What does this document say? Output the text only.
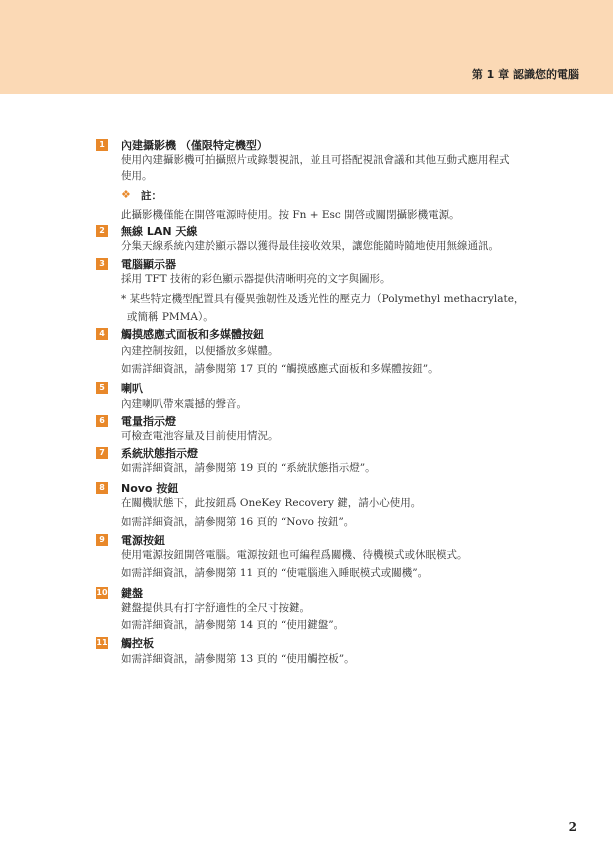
第 1 章 認識您的電腦
1 內建攝影機 （僅限特定機型）
使用內建攝影機可拍攝照片或錄製視訊，並且可搭配視訊會議和其他互動式應用程式
使用。
❖ 註：
此攝影機僅能在開啓電源時使用。按 Fn + Esc 開啓或關閉攝影機電源。
2 無線 LAN 天線
分集天線系統內建於顯示器以獲得最佳接收效果，讓您能隨時隨地使用無線通訊。
3 電腦顯示器
採用 TFT 技術的彩色顯示器提供清晰明亮的文字與圖形。
* 某些特定機型配置具有優異強韌性及透光性的壓克力（Polymethyl methacrylate，
或簡稱 PMMA）。
4 觸摸感應式面板和多媒體按鈕
內建控制按鈕，以便播放多媒體。
如需詳細資訊，請參閱第 17 頁的 “觸摸感應式面板和多媒體按鈕”。
5 喇叭
內建喇叭帶來震撼的聲音。
6 電量指示燈
可檢查電池容量及目前使用情況。
7 系統狀態指示燈
如需詳細資訊，請參閱第 19 頁的 “系統狀態指示燈”。
8 Novo 按鈕
在關機狀態下，此按鈕爲 OneKey Recovery 鍵，請小心使用。
如需詳細資訊，請參閱第 16 頁的 “Novo 按鈕”。
9 電源按鈕
使用電源按鈕開啓電腦。電源按鈕也可編程爲關機、待機模式或休眠模式。
如需詳細資訊，請參閱第 11 頁的 “使電腦進入睡眠模式或關機”。
10 鍵盤
鍵盤提供具有打字舒適性的全尺寸按鍵。
如需詳細資訊，請參閱第 14 頁的 “使用鍵盤”。
11 觸控板
如需詳細資訊，請參閱第 13 頁的 “使用觸控板”。
2
